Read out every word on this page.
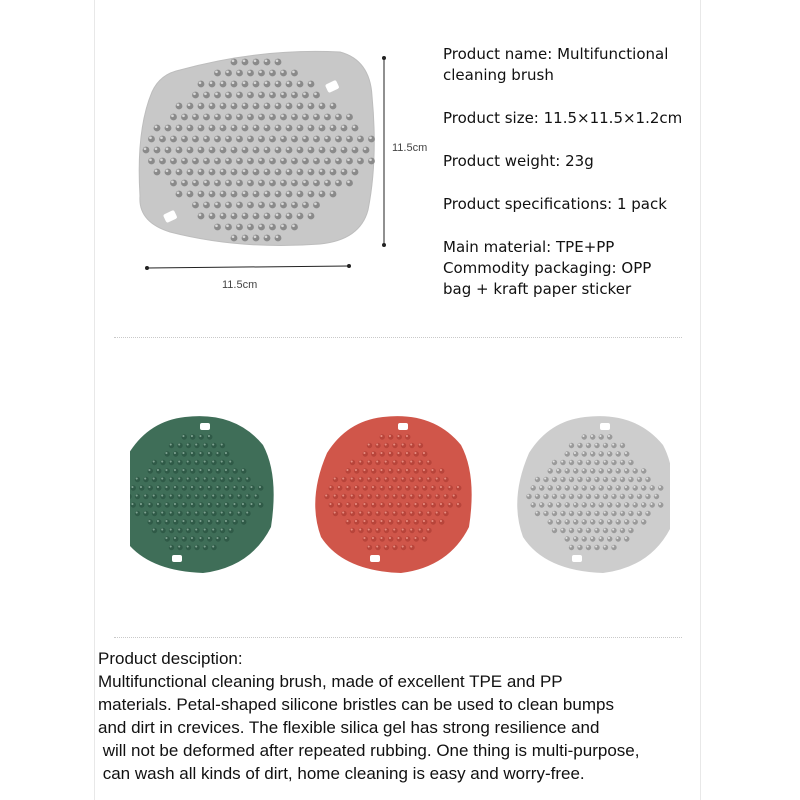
11.5cm
11.5cm
Product name: Multifunctional
cleaning brush
Product size: 11.5×11.5×1.2cm
Product weight: 23g
Product specifications: 1 pack
Main material: TPE+PP
Commodity packaging: OPP
bag + kraft paper sticker
Product desciption:
Multifunctional cleaning brush, made of excellent TPE and PP
materials. Petal-shaped silicone bristles can be used to clean bumps
and dirt in crevices. The flexible silica gel has strong resilience and
will not be deformed after repeated rubbing. One thing is multi-purpose,
can wash all kinds of dirt, home cleaning is easy and worry-free.
